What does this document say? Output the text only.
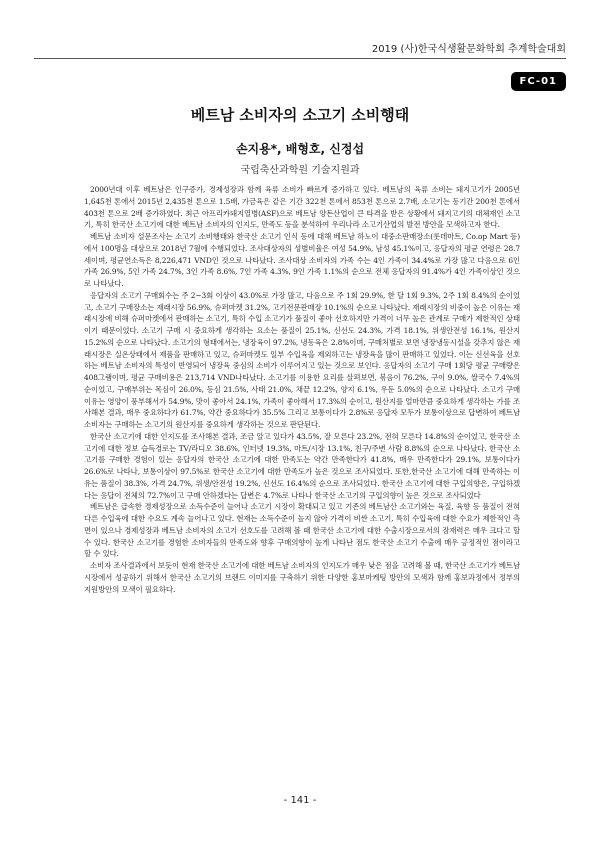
2019 (사)한국식생활문화학회 추계학술대회
FC-01
베트남 소비자의 소고기 소비행태
손지용*, 배형호, 신정섭
국립축산과학원 기술지원과

2000년대 이후 베트남은 인구증가, 경제성장과 함께 육류 소비가 빠르게 증가하고 있다. 베트남의 육류 소비는 돼지고기가 2005년 1,645천 톤에서 2015년 2,435천 톤으로 1.5배, 가금육은 같은 기간 322천 톤에서 853천 톤으로 2.7배, 소고기는 동기간 200천 톤에서 403천 톤으로 2배 증가하였다. 최근 아프리카돼지열병(ASF)으로 베트남 양돈산업이 큰 타격을 받은 상황에서 돼지고기의 대체재인 소고기, 특히 한국산 소고기에 대한 베트남 소비자의 인지도, 만족도 등을 분석하여 우리나라 소고기산업의 발전 방안을 모색하고자 한다.

베트남 소비자 설문조사는 소고기 소비행태와 한국산 소고기 인식 등에 대해 베트남 하노이 대중소판매장소(롯데마트, Co.op Mart 등)에서 100명을 대상으로 2018년 7월에 수행되었다. 조사대상자의 성별비율은 여성 54.9%, 남성 45.1%이고, 응답자의 평균 연령은 28.7세이며, 평균연소득은 8,226,471 VND인 것으로 나타났다. 조사대상 소비자의 가족 수는 4인 가족이 34.4%로 가장 많고 다음으로 6인 가족 26.9%, 5인 가족 24.7%, 3인 가족 8.6%, 7인 가족 4.3%, 9인 가족 1.1%의 순으로 전체 응답자의 91.4%가 4인 가족이상인 것으로 나타났다.

응답자의 소고기 구매회수는 주 2~3회 이상이 43.0%로 가장 많고, 다음으로 주 1회 29.9%, 한 달 1회 9.3%, 2주 1회 8.4%의 순이었고, 소고기 구매장소는 재래시장 56.9%, 슈퍼마켓 31.2%, 고기전문판매장 10.1%의 순으로 나타났다. 재래시장의 비중이 높은 이유는 재래시장에 비해 슈퍼마켓에서 판매하는 소고기, 특히 수입 소고기가 품질이 좋아 선호하지만 가격이 너무 높은 관계로 구매가 제한적인 상태이기 때문이었다. 소고기 구매 시 중요하게 생각하는 요소는 품질이 25.1%, 신선도 24.3%, 가격 18.1%, 위생안전성 16.1%, 원산지 15.2%의 순으로 나타났다. 소고기의 형태에서는, 냉장육이 97.2%, 냉동육은 2.8%이며, 구매처별로 보면 냉장냉동시설을 갖추지 않은 재래시장은 실온상태에서 제품을 판매하고 있고, 슈퍼마켓도 일부 수입육을 제외하고는 냉장육을 많이 판매하고 있었다. 이는 신선육을 선호하는 베트남 소비자의 특성이 반영되어 냉장육 중심의 소비가 이루어지고 있는 것으로 보인다. 응답자의 소고기 구매 1회당 평균 구매량은 408그램이며, 평균 구매비용은 213,714 VND나타났다. 소고기를 이용한 요리를 살펴보면, 볶음이 76.2%, 구이 9.0%, 쌀국수 7.4%의 순이었고, 구매부위는 목심이 26.0%, 등심 21.5%, 사태 21.0%, 채끝 12.2%, 양지 6.1%, 우둔 5.0%의 순으로 나타났다. 소고기 구매이유는 영양이 풍부해서가 54.9%, 맛이 좋아서 24.1%, 가족이 좋아해서 17.3%의 순이고, 원산지를 얼마만큼 중요하게 생각하는 가를 조사해본 결과, 매우 중요하다가 61.7%, 약간 중요하다가 35.5% 그리고 보통이다가 2.8%로 응답자 모두가 보통이상으로 답변하여 베트남 소비자는 구매하는 소고기의 원산지를 중요하게 생각하는 것으로 판단된다.

한국산 소고기에 대한 인지도를 조사해본 결과, 조금 알고 있다가 43.5%, 잘 모른다 23.2%, 전혀 모른다 14.8%의 순이었고, 한국산 소고기에 대한 정보 습득경로는 TV/라디오 38.6%, 인터넷 19.3%, 마트/시장 13.1%, 친구/주변 사람 8.8%의 순으로 나타났다. 한국산 소고기를 구매한 경험이 있는 응답자의 한국산 소고기에 대한 만족도는 약간 만족한다가 41.8%, 매우 만족한다가 29.1%, 보통이다가 26.6%로 나타나, 보통이상이 97.5%로 한국산 소고기에 대한 만족도가 높은 것으로 조사되었다. 또한,한국산 소고기에 대해 만족하는 이유는 품질이 38.3%, 가격 24.7%, 위생/안전성 19.2%, 신선도 16.4%의 순으로 조사되었다. 한국산 소고기에 대한 구입의향은, 구입하겠다는 응답이 전체의 72.7%이고 구매 안하겠다는 답변은 4.7%로 나타나 한국산 소고기의 구입의향이 높은 것으로 조사되었다

베트남은 급속한 경제성장으로 소득수준이 늘어나 소고기 시장이 확대되고 있고 기존의 베트남산 소고기와는 육질, 육향 등 품질이 전혀 다른 수입육에 대한 수요도 계속 늘어나고 있다. 현재는 소득수준이 높지 않아 가격이 비싼 소고기, 특히 수입육에 대한 수요가 제한적인 측면이 있으나 경제성장과 베트남 소비자의 소고기 선호도를 고려해 볼 때 한국산 소고기에 대한 수출시장으로서의 잠재력은 매우 크다고 할 수 있다. 한국산 소고기를 경험한 소비자들의 만족도와 향후 구매의향이 높게 나타난 점도 한국산 소고기 수출에 매우 긍정적인 점이라고 할 수 있다.

소비자 조사결과에서 보듯이 현재 한국산 소고기에 대한 베트남 소비자의 인지도가 매우 낮은 점을 고려해 볼 때, 한국산 소고기가 베트남시장에서 성공하기 위해서 한국산 소고기의 브랜드 이미지를 구축하기 위한 다양한 홍보마케팅 방안의 모색과 함께 홍보과정에서 정부의 지원방안의 모색이 필요하다.

- 141 -
